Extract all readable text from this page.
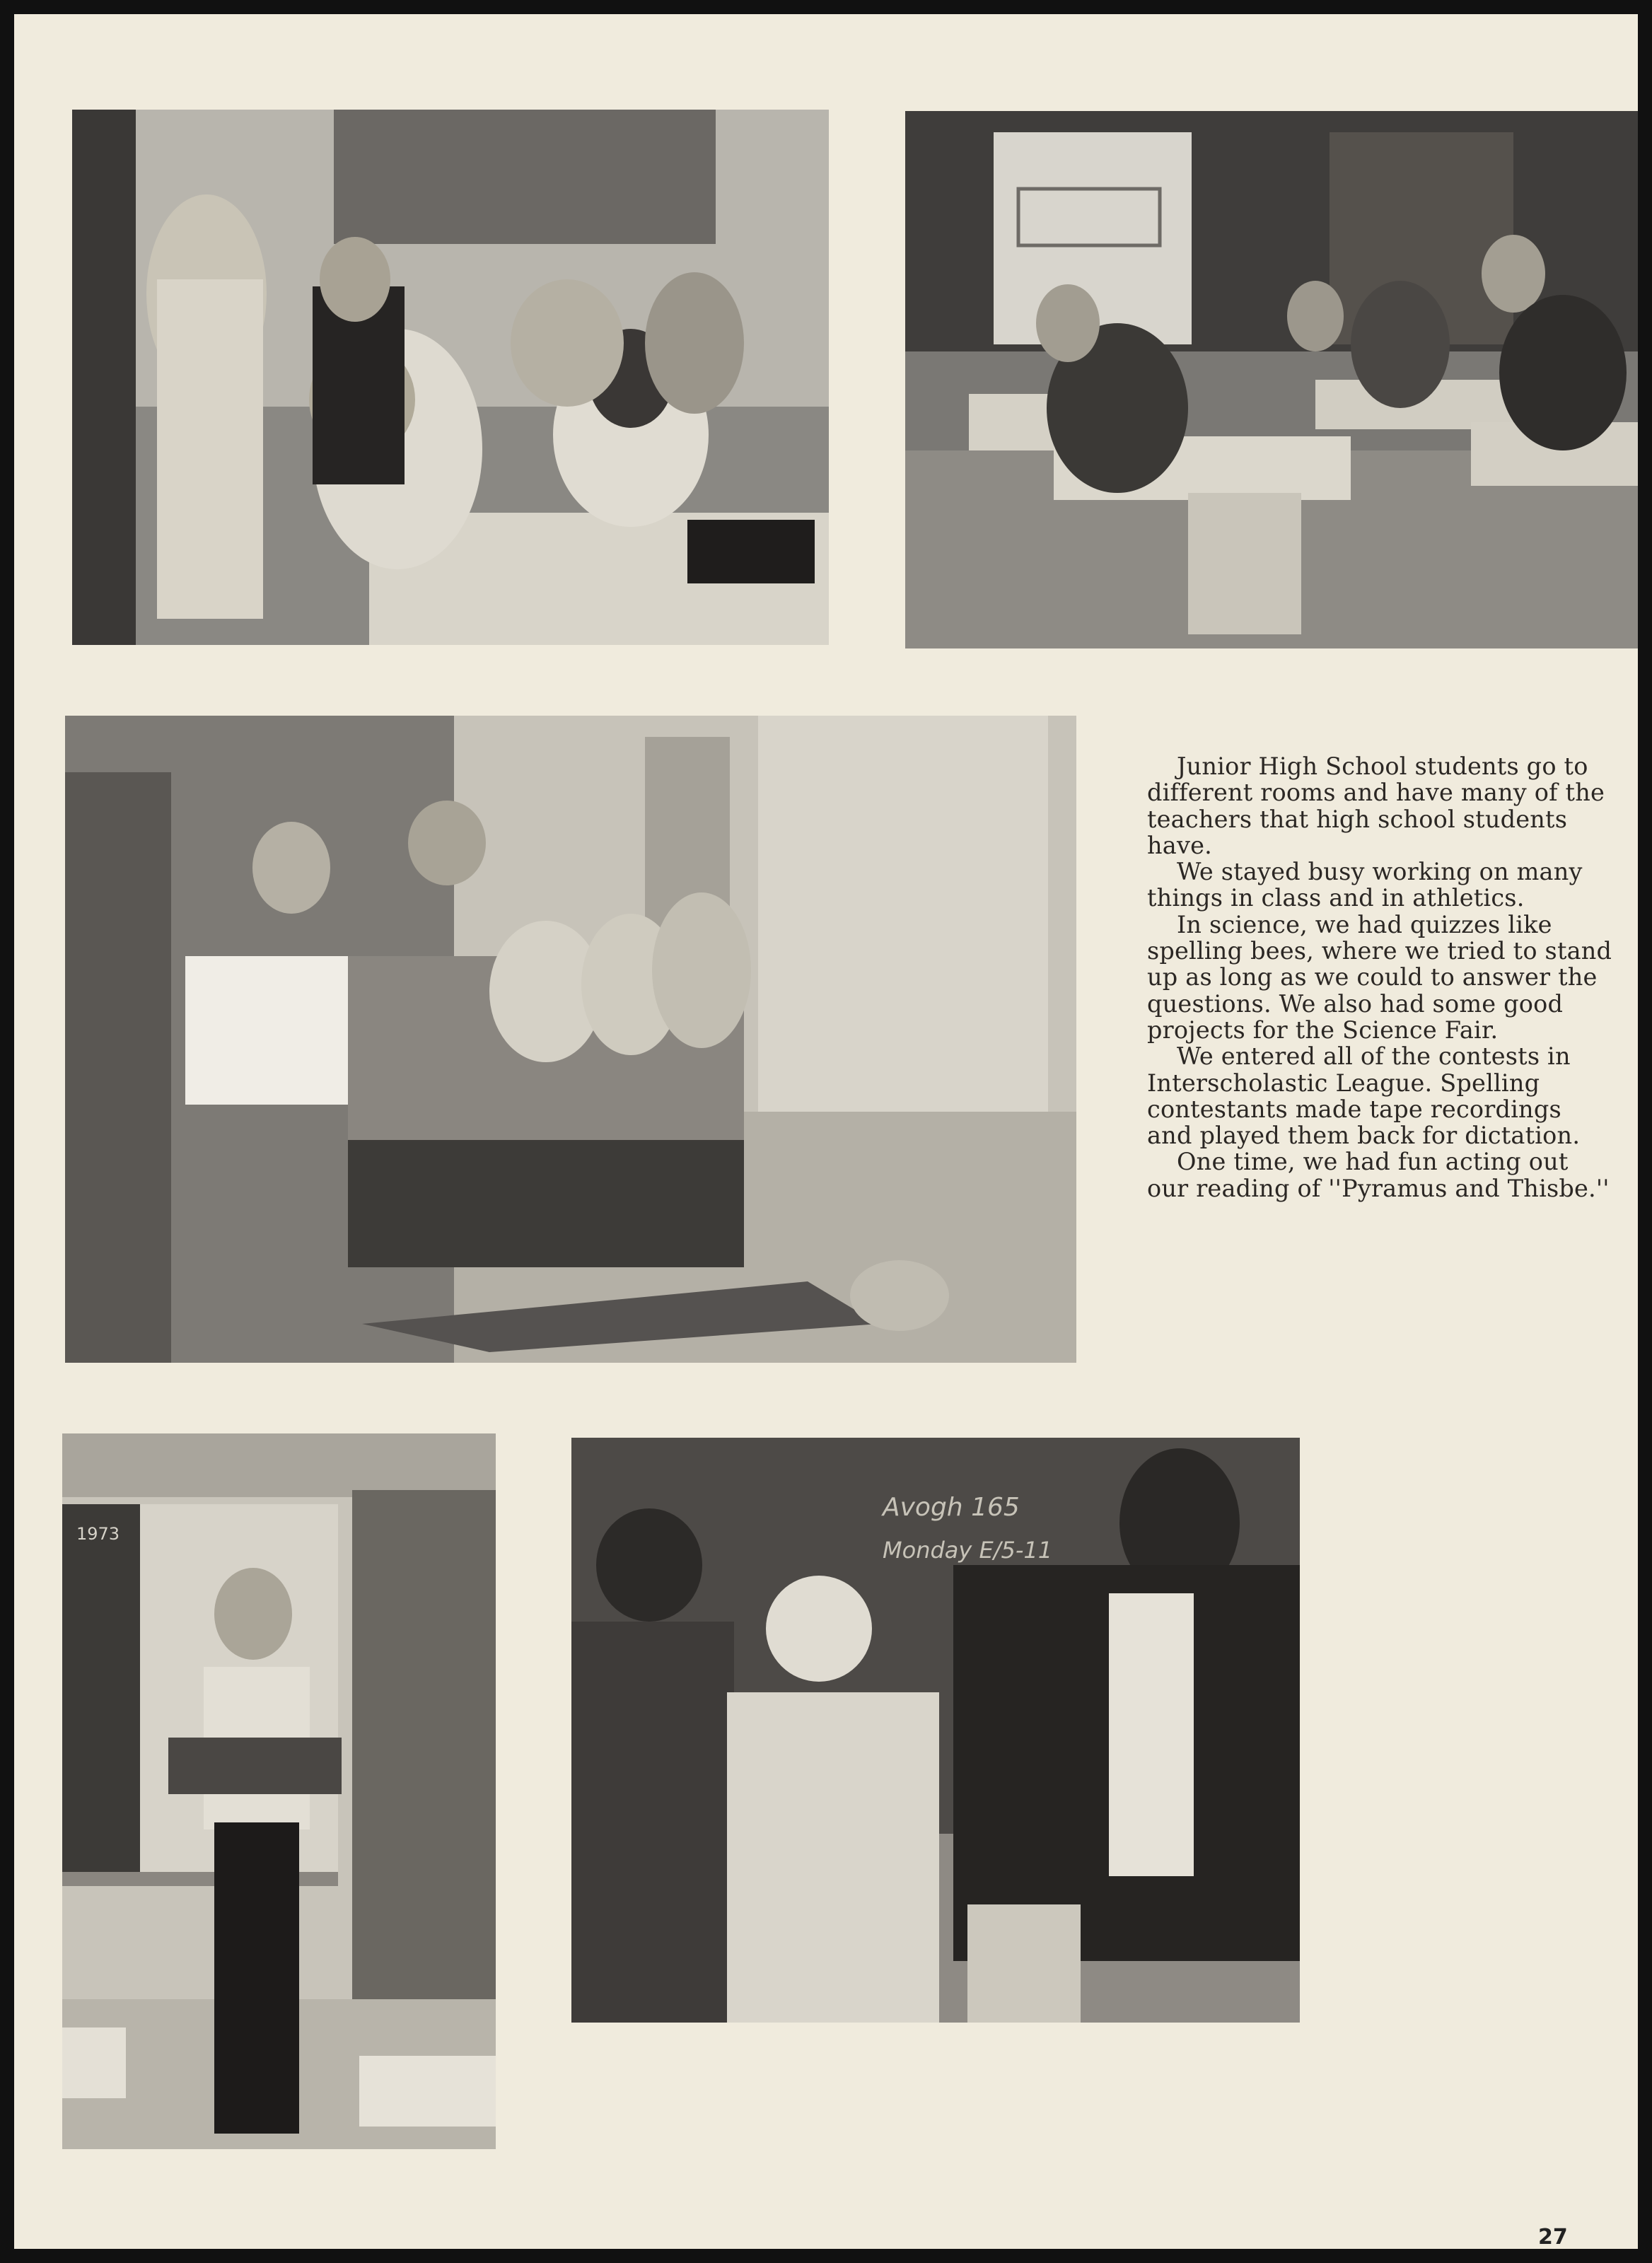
1973
Avogh 165
Monday E/5-11

Junior High School students go to different rooms and have many of the teachers that high school students have.

We stayed busy working on many things in class and in athletics.

In science, we had quizzes like spelling bees, where we tried to stand up as long as we could to answer the questions. We also had some good projects for the Science Fair.

We entered all of the contests in Interscholastic League. Spelling contestants made tape recordings and played them back for dictation.

One time, we had fun acting out our reading of ''Pyramus and Thisbe.''

27
